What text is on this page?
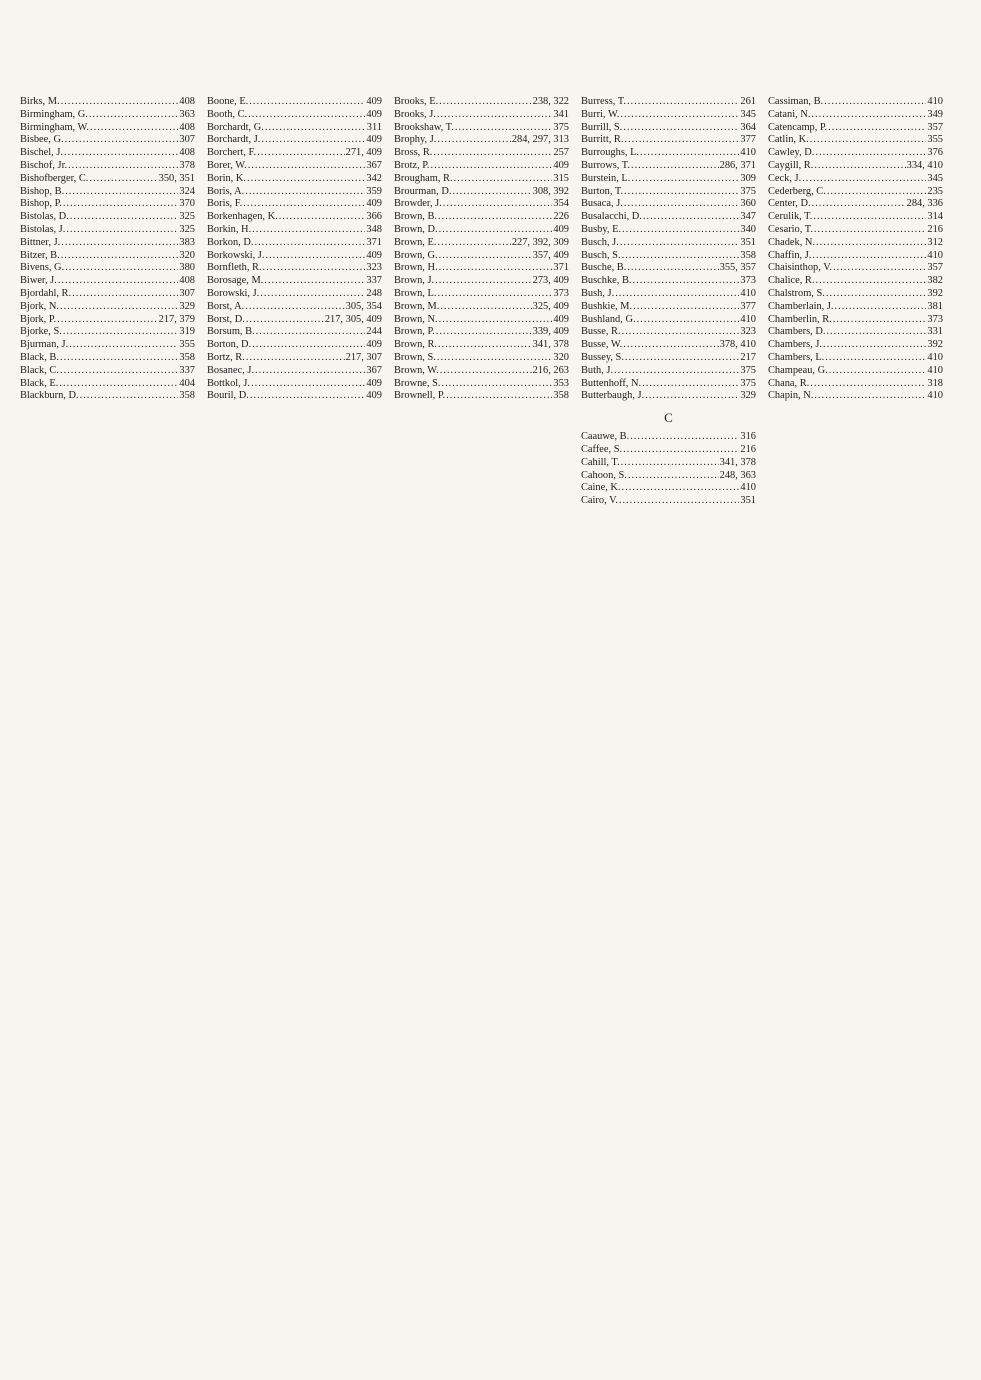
Birks, M. .....	408
Birmingham, G. .....	363
Birmingham, W. .....	408
Bisbee, G. .....	307
Bischel, J. .....	408
Bischof, Jr. .....	378
Bishofberger, C. .....	350, 351
Bishop, B. .....	324
Bishop, P. .....	370
Bistolas, D. .....	325
Bistolas, J. .....	325
Bittner, J. .....	383
Bitzer, B. .....	320
Bivens, G. .....	380
Biwer, J. .....	408
Bjordahl, R. .....	307
Bjork, N. .....	329
Bjork, P. .....	217, 379
Bjorke, S. .....	319
Bjurman, J. .....	355
Black, B. .....	358
Black, C. .....	337
Black, E. .....	404
Blackburn, D. .....	358
Boone, E. .....	409
Booth, C. .....	409
Borchardt, G. .....	311
Borchardt, J. .....	409
Borchert, F. .....	271, 409
Borer, W. .....	367
Borin, K. .....	342
Boris, A. .....	359
Boris, F. .....	409
Borkenhagen, K. .....	366
Borkin, H. .....	348
Borkon, D. .....	371
Borkowski, J. .....	409
Bornfleth, R. .....	323
Borosage, M. .....	337
Borowski, J. .....	248
Borst, A. .....	305, 354
Borst, D. .....	217, 305, 409
Borsum, B. .....	244
Borton, D. .....	409
Bortz, R. .....	217, 307
Bosanec, J. .....	367
Bottkol, J. .....	409
Bouril, D. .....	409
Brooks, E. .....	238, 322
Brooks, J. .....	341
Brookshaw, T. .....	375
Brophy, J. .....	284, 297, 313
Bross, R. .....	257
Brotz, P. .....	409
Brougham, R. .....	315
Brourman, D. .....	308, 392
Browder, J. .....	354
Brown, B. .....	226
Brown, D. .....	409
Brown, E. .....	227, 392, 309
Brown, G. .....	357, 409
Brown, H. .....	371
Brown, J. .....	273, 409
Brown, L. .....	373
Brown, M. .....	325, 409
Brown, N. .....	409
Brown, P. .....	339, 409
Brown, R. .....	341, 378
Brown, S. .....	320
Brown, W. .....	216, 263
Browne, S. .....	353
Brownell, P. .....	358
Burress, T. .....	261
Burri, W. .....	345
Burrill, S. .....	364
Burritt, R. .....	377
Burroughs, L. .....	410
Burrows, T. .....	286, 371
Burstein, L. .....	309
Burton, T. .....	375
Busaca, J. .....	360
Busalacchi, D. .....	347
Busby, E. .....	340
Busch, J. .....	351
Busch, S. .....	358
Busche, B. .....	355, 357
Buschke, B. .....	373
Bush, J. .....	410
Bushkie, M. .....	377
Bushland, G. .....	410
Busse, R. .....	323
Busse, W. .....	378, 410
Bussey, S. .....	217
Buth, J. .....	375
Buttenhoff, N. .....	375
Butterbaugh, J. .....	329
C
Caauwe, B. .....	316
Caffee, S. .....	216
Cahill, T. .....	341, 378
Cahoon, S. .....	248, 363
Caine, K. .....	410
Cairo, V. .....	351
Cassiman, B. .....	410
Catani, N. .....	349
Catencamp, P. .....	357
Catlin, K. .....	355
Cawley, D. .....	376
Caygill, R. .....	334, 410
Ceck, J. .....	345
Cederberg, C. .....	235
Center, D. .....	284, 336
Cerulik, T. .....	314
Cesario, T. .....	216
Chadek, N. .....	312
Chaffin, J. .....	410
Chaisinthop, V. .....	357
Chalice, R. .....	382
Chalstrom, S. .....	392
Chamberlain, J. .....	381
Chamberlin, R. .....	373
Chambers, D. .....	331
Chambers, J. .....	392
Chambers, L. .....	410
Champeau, G. .....	410
Chana, R. .....	318
Chapin, N. .....	410
